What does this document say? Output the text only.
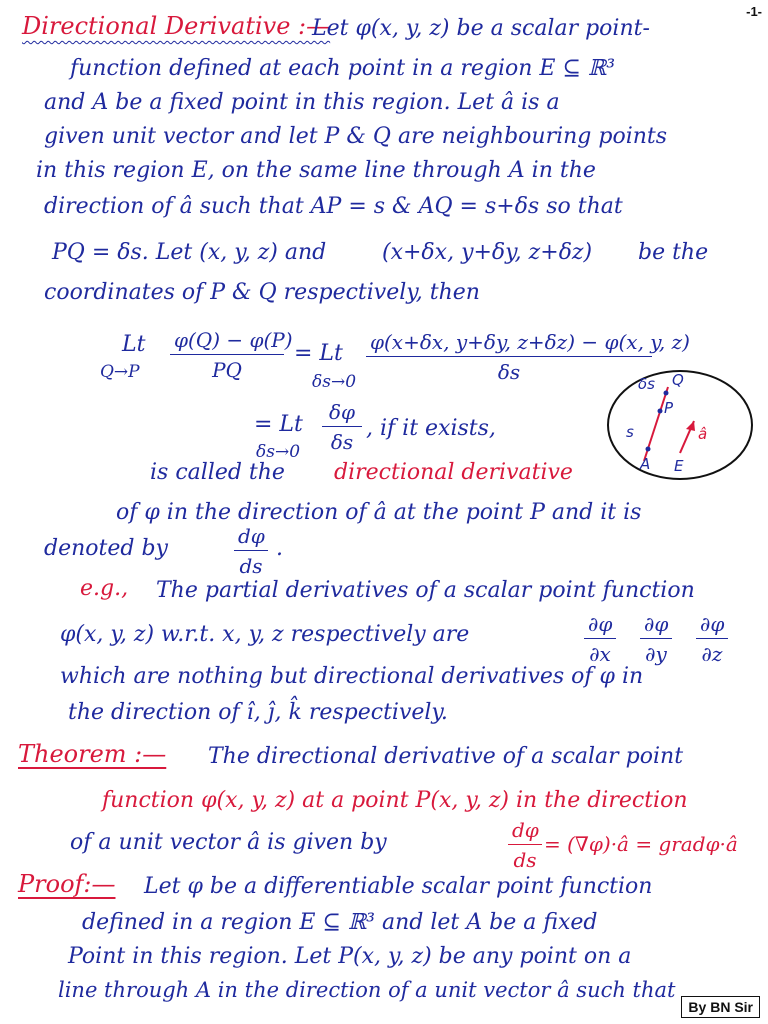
-1-
Directional Derivative :—
Let φ(x, y, z) be a scalar point-
function defined at each point in a region E ⊆ ℝ³
and A be a fixed point in this region. Let â is a
given unit vector and let P & Q are neighbouring points
in this region E, on the same line through A in the
direction of â such that AP = s & AQ = s+δs so that
PQ = δs. Let (x, y, z) and	(x+δx, y+δy, z+δz) be the
coordinates of P & Q respectively, then
Lt
$Q\to P \frac{\varphi(Q) - \varphi(P)}{PQ} = Lt$
$\delta s\to 0 \frac{\varphi(x+\delta x, y+\delta y, z+\delta z) - \varphi(x, y, z)}{\delta s}$
= Lt
$\delta s\to 0 \frac{\delta\varphi}{\delta s}$ , if it exists,
δs Q
P
s	â
A E
is called the directional derivative
of φ in the direction of â at the point P and it is
denoted by	$\frac{d\varphi}{ds}$ .
e.g., The partial derivatives of a scalar point function
φ(x, y, z) w.r.t. x, y, z respectively are	$\frac{\partial\varphi}{\partial x} \frac{\partial\varphi}{\partial y} \frac{\partial\varphi}{\partial z}$
which are nothing but directional derivatives of φ in
the direction of î, ĵ, k̂ respectively.
Theorem :— The directional derivative of a scalar point
function φ(x, y, z) at a point P(x, y, z) in the direction
of a unit vector â is given by	$\frac{d\varphi}{ds}$ = (∇φ)·â = gradφ·â
Proof:— Let φ be a differentiable scalar point function
defined in a region E ⊆ ℝ³ and let A be a fixed
Point in this region. Let P(x, y, z) be any point on a
line through A in the direction of a unit vector â such that
By BN Sir
